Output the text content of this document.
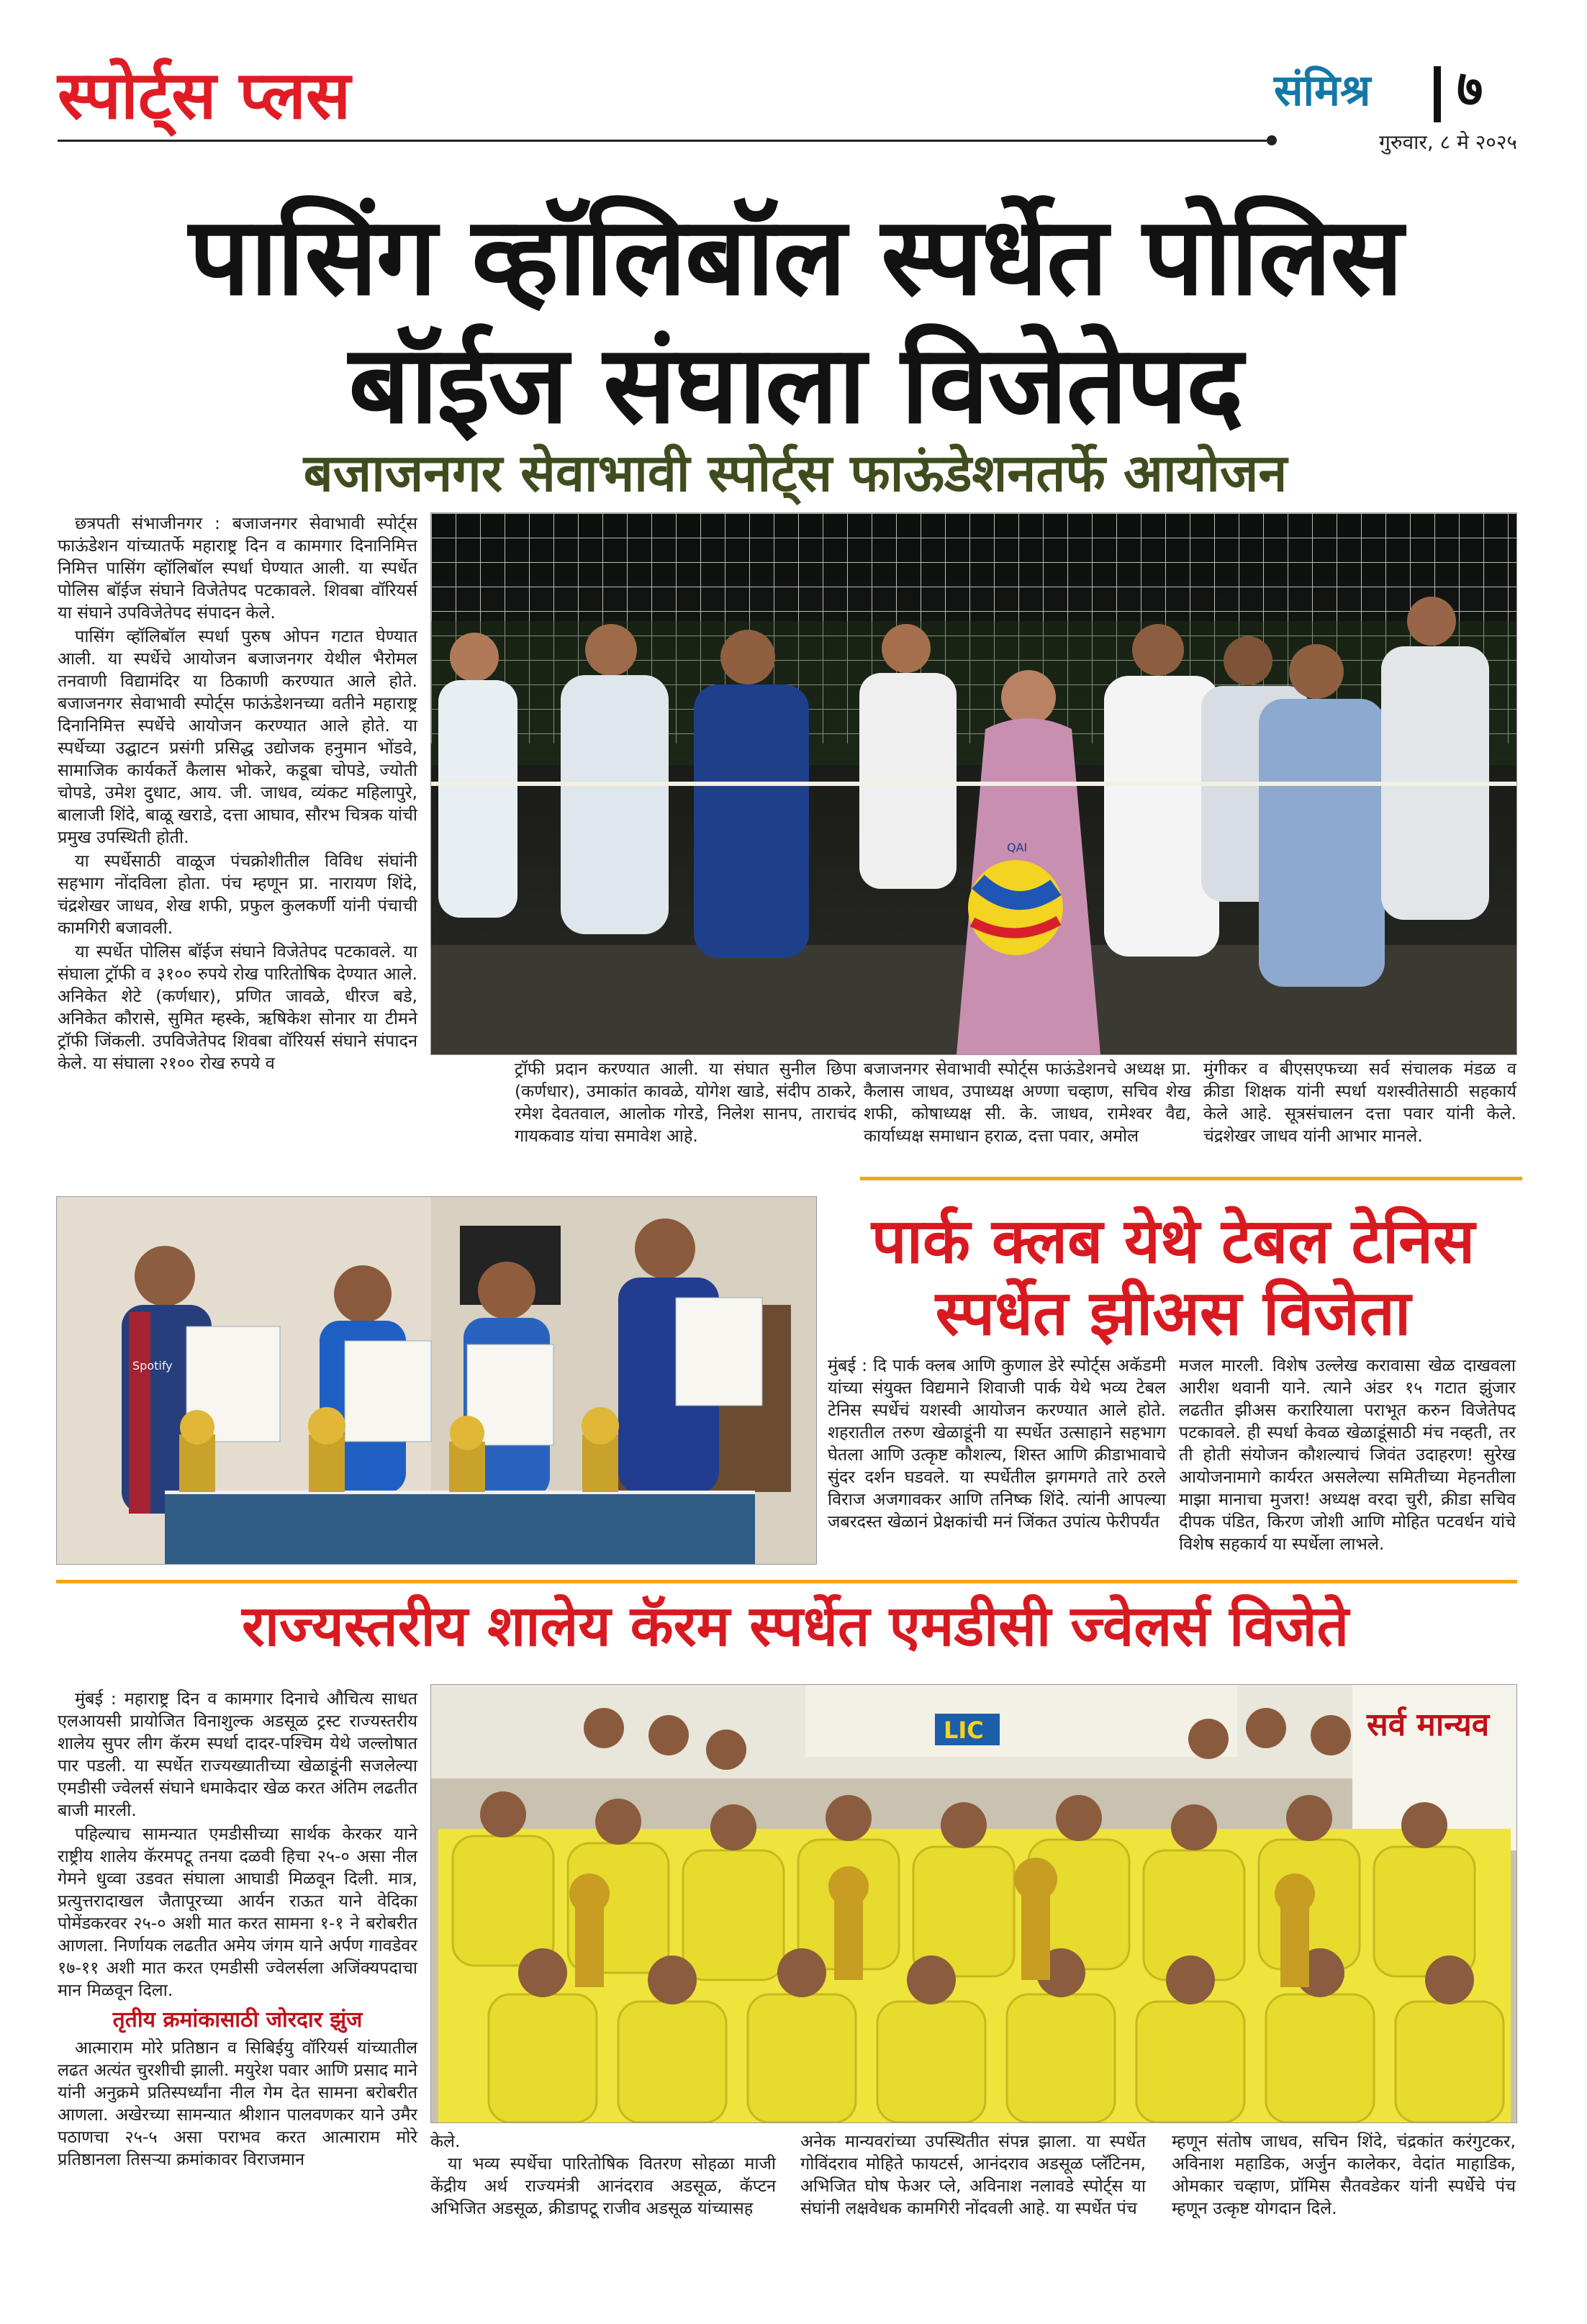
स्पोर्ट्स प्लस	संमिश्र ७
गुरुवार, ८ मे २०२५
पासिंग व्हॉलिबॉल स्पर्धेत पोलिस
बॉईज संघाला विजेतेपद
बजाजनगर सेवाभावी स्पोर्ट्स फाऊंडेशनतर्फे आयोजन

छत्रपती संभाजीनगर : बजाजनगर सेवाभावी स्पोर्ट्स फाऊंडेशन यांच्यातर्फे महाराष्ट्र दिन व कामगार दिनानिमित्त निमित्त पासिंग व्हॉलिबॉल स्पर्धा घेण्यात आली. या स्पर्धेत पोलिस बॉईज संघाने विजेतेपद पटकावले. शिवबा वॉरियर्स या संघाने उपविजेतेपद संपादन केले.

पासिंग व्हॉलिबॉल स्पर्धा पुरुष ओपन गटात घेण्यात आली. या स्पर्धेचे आयोजन बजाजनगर येथील भैरोमल तनवाणी विद्यामंदिर या ठिकाणी करण्यात आले होते. बजाजनगर सेवाभावी स्पोर्ट्स फाऊंडेशनच्या वतीने महाराष्ट्र दिनानिमित्त स्पर्धेचे आयोजन करण्यात आले होते. या स्पर्धेच्या उद्घाटन प्रसंगी प्रसिद्ध उद्योजक हनुमान भोंडवे, सामाजिक कार्यकर्ते कैलास भोकरे, कडूबा चोपडे, ज्योती चोपडे, उमेश दुधाट, आय. जी. जाधव, व्यंकट महिलापुरे, बालाजी शिंदे, बाळू खराडे, दत्ता आघाव, सौरभ चित्रक यांची प्रमुख उपस्थिती होती.

या स्पर्धेसाठी वाळूज पंचक्रोशीतील विविध संघांनी सहभाग नोंदविला होता. पंच म्हणून प्रा. नारायण शिंदे, चंद्रशेखर जाधव, शेख शफी, प्रफुल कुलकर्णी यांनी पंचाची कामगिरी बजावली.

या स्पर्धेत पोलिस बॉईज संघाने विजेतेपद पटकावले. या संघाला ट्रॉफी व ३१०० रुपये रोख पारितोषिक देण्यात आले. अनिकेत शेटे (कर्णधार), प्रणित जावळे, धीरज बडे, अनिकेत कौरासे, सुमित म्हस्के, ऋषिकेश सोनार या टीमने ट्रॉफी जिंकली. उपविजेतेपद शिवबा वॉरियर्स संघाने संपादन केले. या संघाला २१०० रोख रुपये व

QAI
ट्रॉफी प्रदान करण्यात आली. या संघात सुनील छिपा (कर्णधार), उमाकांत कावळे, योगेश खाडे, संदीप ठाकरे, रमेश देवतवाल, आलोक गोरडे, निलेश सानप, ताराचंद गायकवाड यांचा समावेश आहे.
बजाजनगर सेवाभावी स्पोर्ट्स फाऊंडेशनचे अध्यक्ष प्रा. कैलास जाधव, उपाध्यक्ष अण्णा चव्हाण, सचिव शेख शफी, कोषाध्यक्ष सी. के. जाधव, रामेश्वर वैद्य, कार्याध्यक्ष समाधान हराळ, दत्ता पवार, अमोल
मुंगीकर व बीएसएफच्या सर्व संचालक मंडळ व क्रीडा शिक्षक यांनी स्पर्धा यशस्वीतेसाठी सहकार्य केले आहे. सूत्रसंचालन दत्ता पवार यांनी केले. चंद्रशेखर जाधव यांनी आभार मानले.
Spotify
पार्क क्लब येथे टेबल टेनिस
स्पर्धेत झीअस विजेता
मुंबई : दि पार्क क्लब आणि कुणाल डेरे स्पोर्ट्स अकॅडमी यांच्या संयुक्त विद्यमाने शिवाजी पार्क येथे भव्य टेबल टेनिस स्पर्धेचं यशस्वी आयोजन करण्यात आले होते. शहरातील तरुण खेळाडूंनी या स्पर्धेत उत्साहाने सहभाग घेतला आणि उत्कृष्ट कौशल्य, शिस्त आणि क्रीडाभावाचे सुंदर दर्शन घडवले. या स्पर्धेतील झगमगते तारे ठरले विराज अजगावकर आणि तनिष्क शिंदे. त्यांनी आपल्या जबरदस्त खेळानं प्रेक्षकांची मनं जिंकत उपांत्य फेरीपर्यंत
मजल मारली. विशेष उल्लेख करावासा खेळ दाखवला आरीश थवानी याने. त्याने अंडर १५ गटात झुंजार लढतीत झीअस करारियाला पराभूत करुन विजेतेपद पटकावले. ही स्पर्धा केवळ खेळाडूंसाठी मंच नव्हती, तर ती होती संयोजन कौशल्याचं जिवंत उदाहरण! सुरेख आयोजनामागे कार्यरत असलेल्या समितीच्या मेहनतीला माझा मानाचा मुजरा! अध्यक्ष वरदा चुरी, क्रीडा सचिव दीपक पंडित, किरण जोशी आणि मोहित पटवर्धन यांचे विशेष सहकार्य या स्पर्धेला लाभले.
राज्यस्तरीय शालेय कॅरम स्पर्धेत एमडीसी ज्वेलर्स विजेते

मुंबई : महाराष्ट्र दिन व कामगार दिनाचे औचित्य साधत एलआयसी प्रायोजित विनाशुल्क अडसूळ ट्रस्ट राज्यस्तरीय शालेय सुपर लीग कॅरम स्पर्धा दादर-पश्चिम येथे जल्लोषात पार पडली. या स्पर्धेत राज्यख्यातीच्या खेळाडूंनी सजलेल्या एमडीसी ज्वेलर्स संघाने धमाकेदार खेळ करत अंतिम लढतीत बाजी मारली.

पहिल्याच सामन्यात एमडीसीच्या सार्थक केरकर याने राष्ट्रीय शालेय कॅरमपटू तनया दळवी हिचा २५-० असा नील गेमने धुव्वा उडवत संघाला आघाडी मिळवून दिली. मात्र, प्रत्युत्तरादाखल जैतापूरच्या आर्यन राऊत याने वेदिका पोमेंडकरवर २५-० अशी मात करत सामना १-१ ने बरोबरीत आणला. निर्णायक लढतीत अमेय जंगम याने अर्पण गावडेवर १७-११ अशी मात करत एमडीसी ज्वेलर्सला अजिंक्यपदाचा मान मिळवून दिला.

तृतीय क्रमांकासाठी जोरदार झुंज

आत्माराम मोरे प्रतिष्ठान व सिबिईयु वॉरियर्स यांच्यातील लढत अत्यंत चुरशीची झाली. मयुरेश पवार आणि प्रसाद माने यांनी अनुक्रमे प्रतिस्पर्ध्यांना नील गेम देत सामना बरोबरीत आणला. अखेरच्या सामन्यात श्रीशान पालवणकर याने उमैर पठाणचा २५-५ असा पराभव करत आत्माराम मोरे प्रतिष्ठानला तिसऱ्या क्रमांकावर विराजमान

सर्व मान्यव
LIC
केले.

या भव्य स्पर्धेचा पारितोषिक वितरण सोहळा माजी केंद्रीय अर्थ राज्यमंत्री आनंदराव अडसूळ, कॅप्टन अभिजित अडसूळ, क्रीडापटू राजीव अडसूळ यांच्यासह

अनेक मान्यवरांच्या उपस्थितीत संपन्न झाला. या स्पर्धेत गोविंदराव मोहिते फायटर्स, आनंदराव अडसूळ प्लॅटिनम, अभिजित घोष फेअर प्ले, अविनाश नलावडे स्पोर्ट्स या संघांनी लक्षवेधक कामगिरी नोंदवली आहे. या स्पर्धेत पंच
म्हणून संतोष जाधव, सचिन शिंदे, चंद्रकांत करंगुटकर, अविनाश महाडिक, अर्जुन कालेकर, वेदांत माहाडिक, ओमकार चव्हाण, प्रॉमिस सैतवडेकर यांनी स्पर्धेचे पंच म्हणून उत्कृष्ट योगदान दिले.
